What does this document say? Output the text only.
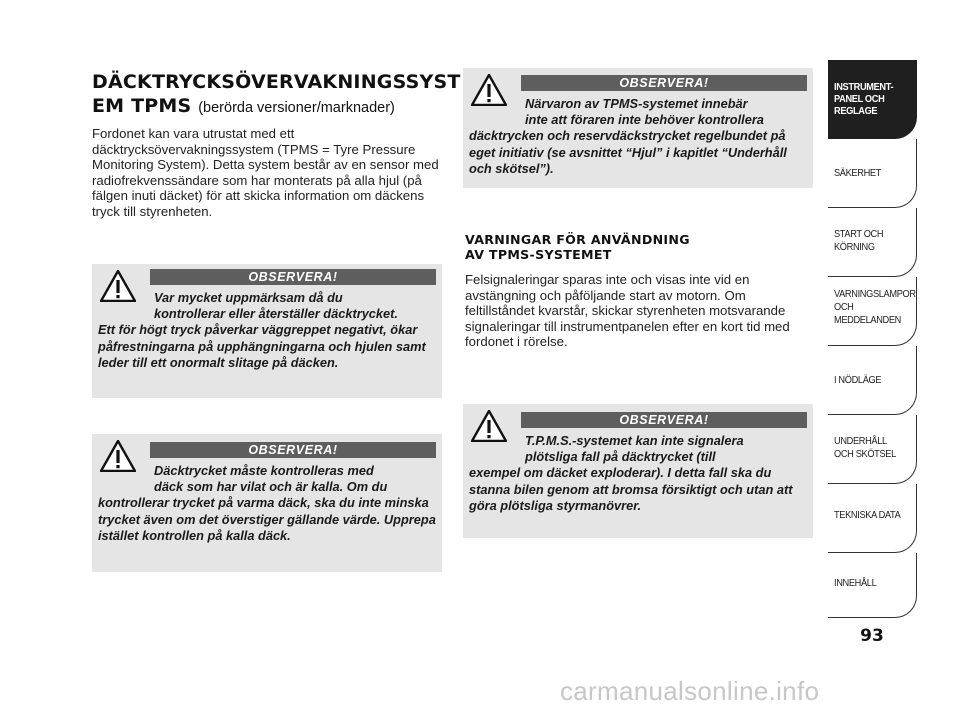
DÄCKTRYCKSÖVERVAKNINGSSYST
EM TPMS (berörda versioner/marknader)
Fordonet kan vara utrustat med ett däcktrycksövervakningssystem (TPMS = Tyre Pressure Monitoring System). Detta system består av en sensor med radiofrekvenssändare som har monterats på alla hjul (på fälgen inuti däcket) för att skicka information om däckens tryck till styrenheten.
OBSERVERA!
Var mycket uppmärksam då du
kontrollerar eller återställer däcktrycket.
Ett för högt tryck påverkar väggreppet negativt, ökar påfrestningarna på upphängningarna och hjulen samt leder till ett onormalt slitage på däcken.
OBSERVERA!
Däcktrycket måste kontrolleras med
däck som har vilat och är kalla. Om du
kontrollerar trycket på varma däck, ska du inte minska trycket även om det överstiger gällande värde. Upprepa istället kontrollen på kalla däck.
OBSERVERA!
Närvaron av TPMS-systemet innebär
inte att föraren inte behöver kontrollera
däcktrycken och reservdäckstrycket regelbundet på eget initiativ (se avsnittet “Hjul” i kapitlet “Underhåll och skötsel”).
VARNINGAR FÖR ANVÄNDNING
AV TPMS-SYSTEMET
Felsignaleringar sparas inte och visas inte vid en avstängning och påföljande start av motorn. Om feltillståndet kvarstår, skickar styrenheten motsvarande signaleringar till instrumentpanelen efter en kort tid med fordonet i rörelse.
OBSERVERA!
T.P.M.S.-systemet kan inte signalera
plötsliga fall på däcktrycket (till
exempel om däcket exploderar). I detta fall ska du stanna bilen genom att bromsa försiktigt och utan att göra plötsliga styrmanövrer.
INSTRUMENT-
PANEL OCH
REGLAGE
SÄKERHET
START OCH
KÖRNING
VARNINGSLAMPOR
OCH
MEDDELANDEN
I NÖDLÄGE
UNDERHÅLL
OCH SKÖTSEL
TEKNISKA DATA
INNEHÅLL
93
carmanualsonline.info
